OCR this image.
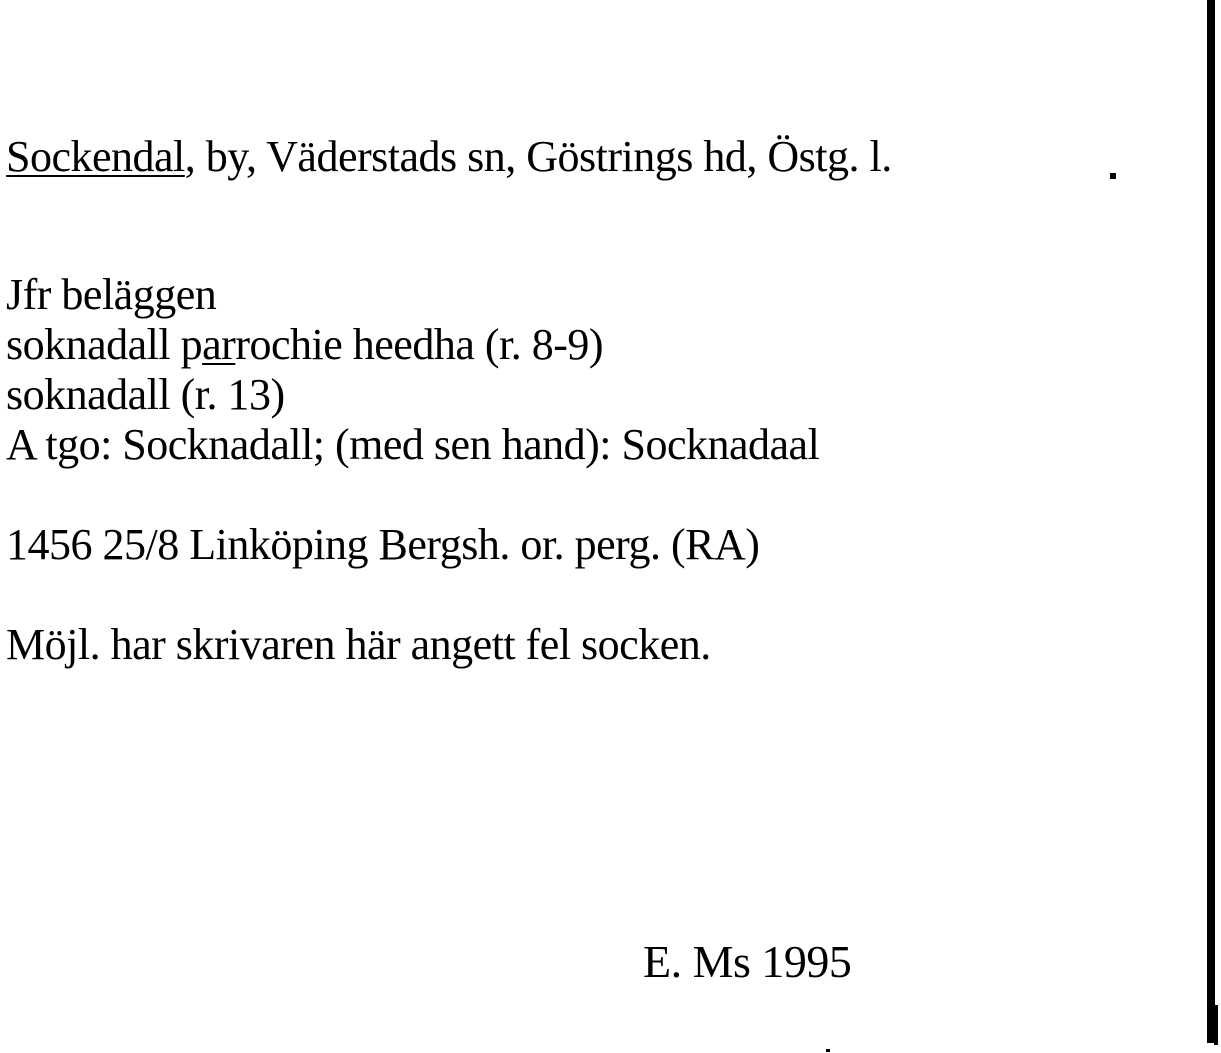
Sockendal, by, Väderstads sn, Göstrings hd, Östg. l.
Jfr beläggen
soknadall parrochie heedha (r. 8-9)
soknadall (r. 13)
A tgo: Socknadall; (med sen hand): Socknadaal
1456 25/8 Linköping Bergsh. or. perg. (RA)
Möjl. har skrivaren här angett fel socken.
E. Ms 1995
